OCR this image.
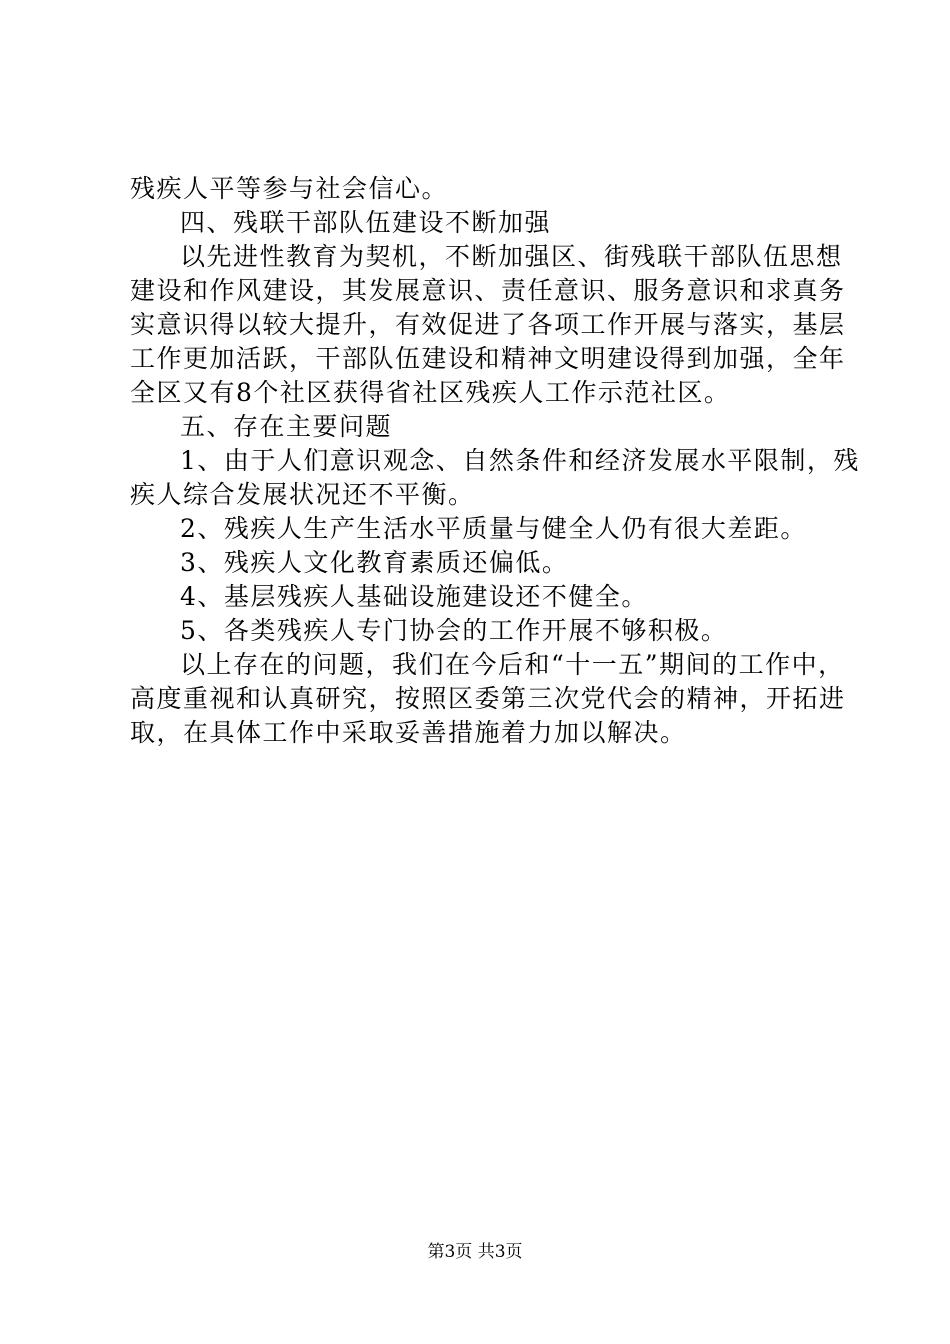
残疾人平等参与社会信心。
四、残联干部队伍建设不断加强
以先进性教育为契机，不断加强区、街残联干部队伍思想
建设和作风建设，其发展意识、责任意识、服务意识和求真务
实意识得以较大提升，有效促进了各项工作开展与落实，基层
工作更加活跃，干部队伍建设和精神文明建设得到加强，全年
全区又有8个社区获得省社区残疾人工作示范社区。
五、存在主要问题
1、由于人们意识观念、自然条件和经济发展水平限制，残
疾人综合发展状况还不平衡。
2、残疾人生产生活水平质量与健全人仍有很大差距。
3、残疾人文化教育素质还偏低。
4、基层残疾人基础设施建设还不健全。
5、各类残疾人专门协会的工作开展不够积极。
以上存在的问题，我们在今后和“十一五”期间的工作中，
高度重视和认真研究，按照区委第三次党代会的精神，开拓进
取，在具体工作中采取妥善措施着力加以解决。
第3页 共3页
